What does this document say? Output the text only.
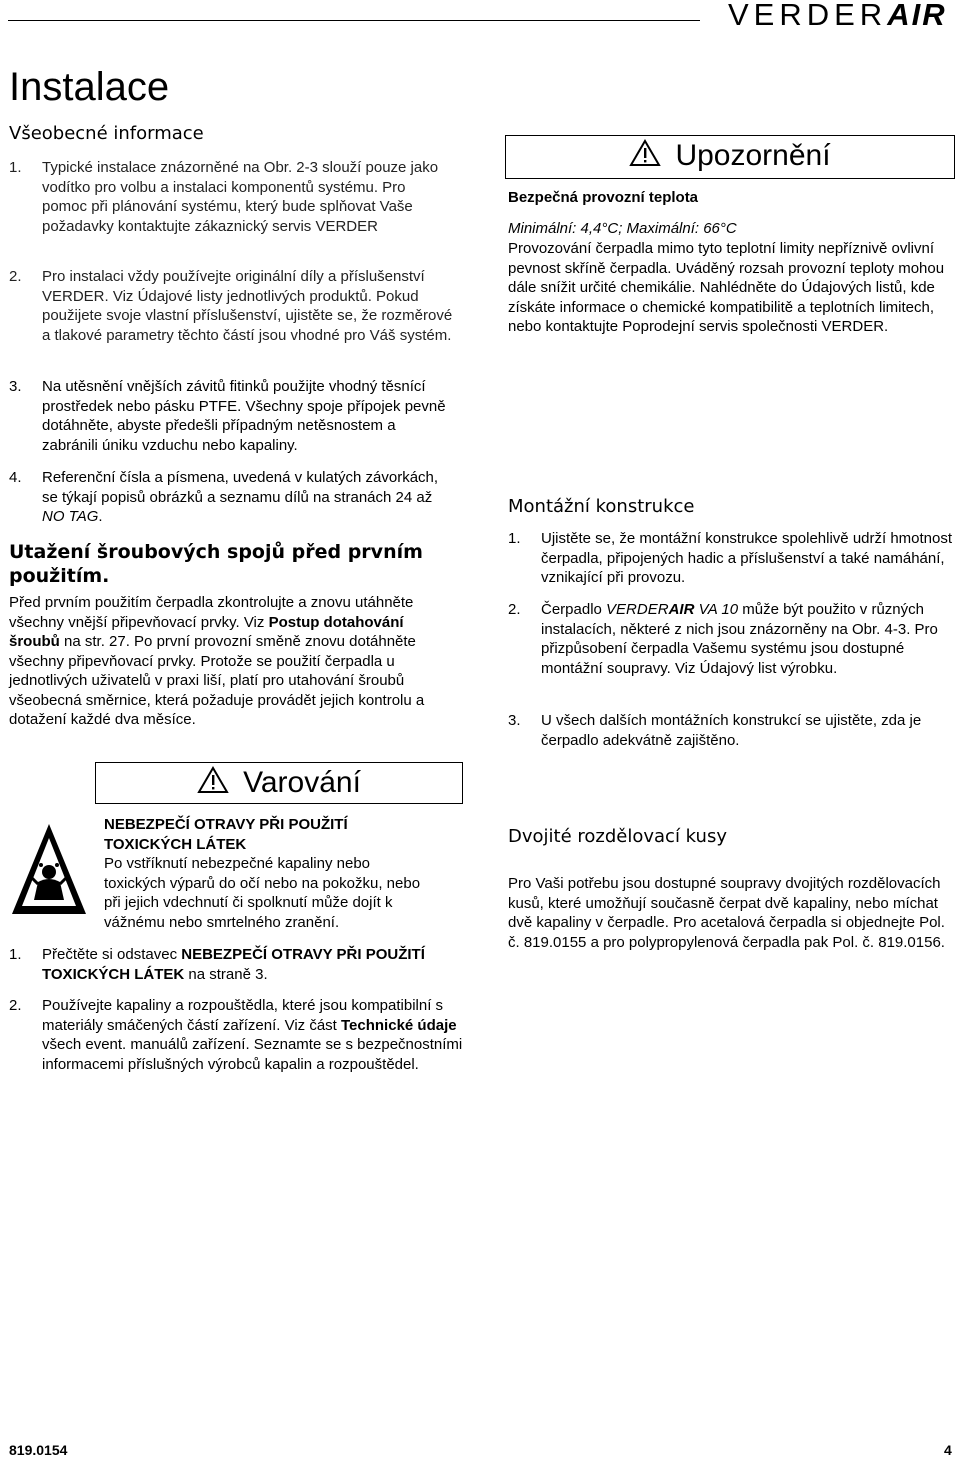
VERDERAIR
Instalace
Všeobecné informace
1. Typické instalace znázorněné na Obr. 2-3 slouží pouze jako vodítko pro volbu a instalaci komponentů systému. Pro pomoc při plánování systému, který bude splňovat Vaše požadavky kontaktujte zákaznický servis VERDER
2. Pro instalaci vždy používejte originální díly a příslušenství VERDER. Viz Údajové listy jednotlivých produktů. Pokud použijete svoje vlastní příslušenství, ujistěte se, že rozměrové a tlakové parametry těchto částí jsou vhodné pro Váš systém.
3. Na utěsnění vnějších závitů fitinků použijte vhodný těsnící prostředek nebo pásku PTFE. Všechny spoje přípojek pevně dotáhněte, abyste předešli případným netěsnostem a zabránili úniku vzduchu nebo kapaliny.
4. Referenční čísla a písmena, uvedená v kulatých závorkách, se týkají popisů obrázků a seznamu dílů na stranách 24 až NO TAG.
Utažení šroubových spojů před prvním použitím.
Před prvním použitím čerpadla zkontrolujte a znovu utáhněte všechny vnější připevňovací prvky. Viz Postup dotahování šroubů na str. 27. Po první provozní směně znovu dotáhněte všechny připevňovací prvky. Protože se použití čerpadla u jednotlivých uživatelů v praxi liší, platí pro utahování šroubů všeobecná směrnice, která požaduje provádět jejich kontrolu a dotažení každé dva měsíce.
Varování
NEBEZPEČÍ OTRAVY PŘI POUŽITÍ TOXICKÝCH LÁTEK
Po vstříknutí nebezpečné kapaliny nebo toxických výparů do očí nebo na pokožku, nebo při jejich vdechnutí či spolknutí může dojít k vážnému nebo smrtelného zranění.
1. Přečtěte si odstavec NEBEZPEČÍ OTRAVY PŘI POUŽITÍ TOXICKÝCH LÁTEK na straně 3.
2. Používejte kapaliny a rozpouštědla, které jsou kompatibilní s materiály smáčených částí zařízení. Viz část Technické údaje všech event. manuálů zařízení. Seznamte se s bezpečnostními informacemi příslušných výrobců kapalin a rozpouštědel.
Upozornění
Bezpečná provozní teplota
Minimální: 4,4°C; Maximální: 66°C
Provozování čerpadla mimo tyto teplotní limity nepříznivě ovlivní pevnost skříně čerpadla. Uváděný rozsah provozní teploty mohou dále snížit určité chemikálie. Nahlédněte do Údajových listů, kde získáte informace o chemické kompatibilitě a teplotních limitech, nebo kontaktujte Poprodejní servis společnosti VERDER.
Montážní konstrukce
1. Ujistěte se, že montážní konstrukce spolehlivě udrží hmotnost čerpadla, připojených hadic a příslušenství a také namáhání, vznikající při provozu.
2. Čerpadlo VERDERAIR VA 10 může být použito v různých instalacích, některé z nich jsou znázorněny na Obr. 4-3. Pro přizpůsobení čerpadla Vašemu systému jsou dostupné montážní soupravy. Viz Údajový list výrobku.
3. U všech dalších montážních konstrukcí se ujistěte, zda je čerpadlo adekvátně zajištěno.
Dvojité rozdělovací kusy
Pro Vaši potřebu jsou dostupné soupravy dvojitých rozdělovacích kusů, které umožňují současně čerpat dvě kapaliny, nebo míchat dvě kapaliny v čerpadle. Pro acetalová čerpadla si objednejte Pol. č. 819.0155 a pro polypropylenová čerpadla pak Pol. č. 819.0156.
819.0154	4
